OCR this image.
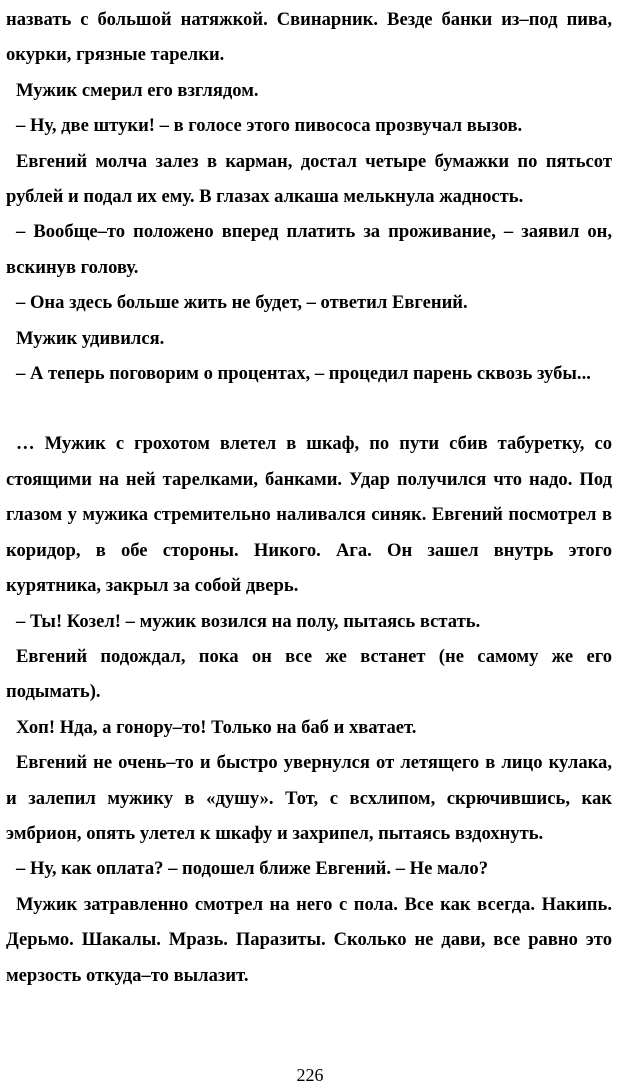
назвать с большой натяжкой. Свинарник. Везде банки из–под пива, окурки, грязные тарелки.

Мужик смерил его взглядом.

– Ну, две штуки! – в голосе этого пивососа прозвучал вызов.

Евгений молча залез в карман, достал четыре бумажки по пятьсот рублей и подал их ему. В глазах алкаша мелькнула жадность.

– Вообще–то положено вперед платить за проживание, – заявил он, вскинув голову.

– Она здесь больше жить не будет, – ответил Евгений.

Мужик удивился.

– А теперь поговорим о процентах, – процедил парень сквозь зубы...

… Мужик с грохотом влетел в шкаф, по пути сбив табуретку, со стоящими на ней тарелками, банками. Удар получился что надо. Под глазом у мужика стремительно наливался синяк. Евгений посмотрел в коридор, в обе стороны. Никого. Ага. Он зашел внутрь этого курятника, закрыл за собой дверь.

– Ты! Козел! – мужик возился на полу, пытаясь встать.

Евгений подождал, пока он все же встанет (не самому же его подымать).

Хоп! Нда, а гонору–то! Только на баб и хватает.

Евгений не очень–то и быстро увернулся от летящего в лицо кулака, и залепил мужику в «душу». Тот, с всхлипом, скрючившись, как эмбрион, опять улетел к шкафу и захрипел, пытаясь вздохнуть.

– Ну, как оплата? – подошел ближе Евгений. – Не мало?

Мужик затравленно смотрел на него с пола. Все как всегда. Накипь. Дерьмо. Шакалы. Мразь. Паразиты. Сколько не дави, все равно это мерзость откуда–то вылазит.

226
